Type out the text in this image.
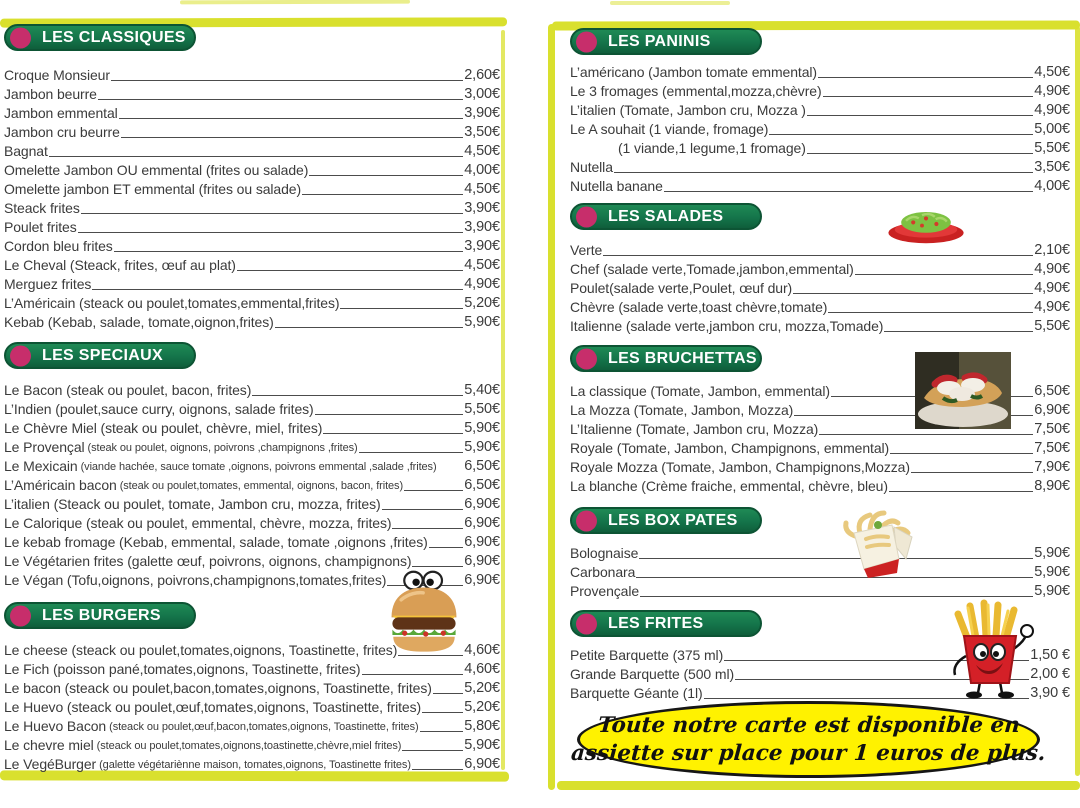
LES CLASSIQUES
Croque Monsieur	2,60€
Jambon beurre	3,00€
Jambon emmental	3,90€
Jambon cru beurre	3,50€
Bagnat	4,50€
Omelette Jambon OU emmental (frites ou salade)	4,00€
Omelette jambon ET emmental (frites ou salade)	4,50€
Steack frites	3,90€
Poulet frites	3,90€
Cordon bleu frites	3,90€
Le Cheval (Steack, frites, œuf au plat)	4,50€
Merguez frites	4,90€
L’Américain (steack ou poulet,tomates,emmental,frites)	5,20€
Kebab (Kebab, salade, tomate,oignon,frites)	5,90€
LES SPECIAUX
Le Bacon (steak ou poulet, bacon, frites)	5,40€
L’Indien (poulet,sauce curry, oignons, salade frites)	5,50€
Le Chèvre Miel (steak ou poulet, chèvre, miel, frites)	5,90€
Le Provençal (steak ou poulet, oignons, poivrons ,champignons ,frites)	5,90€
Le Mexicain (viande hachée, sauce tomate ,oignons, poivrons emmental ,salade ,frites) 6,50€
L’Américain bacon (steak ou poulet,tomates, emmental, oignons, bacon, frites)	6,50€
L’italien (Steack ou poulet, tomate, Jambon cru, mozza, frites)	6,90€
Le Calorique (steak ou poulet, emmental, chèvre, mozza, frites)	6,90€
Le kebab fromage (Kebab, emmental, salade, tomate ,oignons ,frites)	6,90€
Le Végétarien frites (galette œuf, poivrons, oignons, champignons)	6,90€
Le Végan (Tofu,oignons, poivrons,champignons,tomates,frites)	6,90€
LES BURGERS
Le cheese (steack ou poulet,tomates,oignons, Toastinette, frites)	4,60€
Le Fich (poisson pané,tomates,oignons, Toastinette, frites)	4,60€
Le bacon (steack ou poulet,bacon,tomates,oignons, Toastinette, frites) 5,20€
Le Huevo (steack ou poulet,œuf,tomates,oignons, Toastinette, frites)	5,20€
Le Huevo Bacon (steack ou poulet,œuf,bacon,tomates,oignons, Toastinette, frites)	5,80€
Le chevre miel (steack ou poulet,tomates,oignons,toastinette,chèvre,miel frites)	5,90€
Le VegéBurger (galette végétariènne maison, tomates,oignons, Toastinette frites)	6,90€
LES PANINIS
L’américano (Jambon tomate emmental)	4,50€
Le 3 fromages (emmental,mozza,chèvre)	4,90€
L’italien (Tomate, Jambon cru, Mozza )	4,90€
Le A souhait (1 viande, fromage)	5,00€
(1 viande,1 legume,1 fromage)	5,50€
Nutella	3,50€
Nutella banane	4,00€
LES SALADES
Verte	2,10€
Chef (salade verte,Tomade,jambon,emmental)	4,90€
Poulet(salade verte,Poulet, œuf dur)	4,90€
Chèvre (salade verte,toast chèvre,tomate)	4,90€
Italienne (salade verte,jambon cru, mozza,Tomade)	5,50€
LES BRUCHETTAS
La classique (Tomate, Jambon, emmental)	6,50€
La Mozza (Tomate, Jambon, Mozza)	6,90€
L’Italienne (Tomate, Jambon cru, Mozza)	7,50€
Royale (Tomate, Jambon, Champignons, emmental)	7,50€
Royale Mozza (Tomate, Jambon, Champignons,Mozza)	7,90€
La blanche (Crème fraiche, emmental, chèvre, bleu)	8,90€
LES BOX PATES
Bolognaise	5,90€
Carbonara	5,90€
Provençale	5,90€
LES FRITES
Petite Barquette (375 ml)	1,50 €
Grande Barquette (500 ml)	2,00 €
Barquette Géante (1l)	3,90 €
Toute notre carte est disponible en
assiette sur place pour 1 euros de plus.
